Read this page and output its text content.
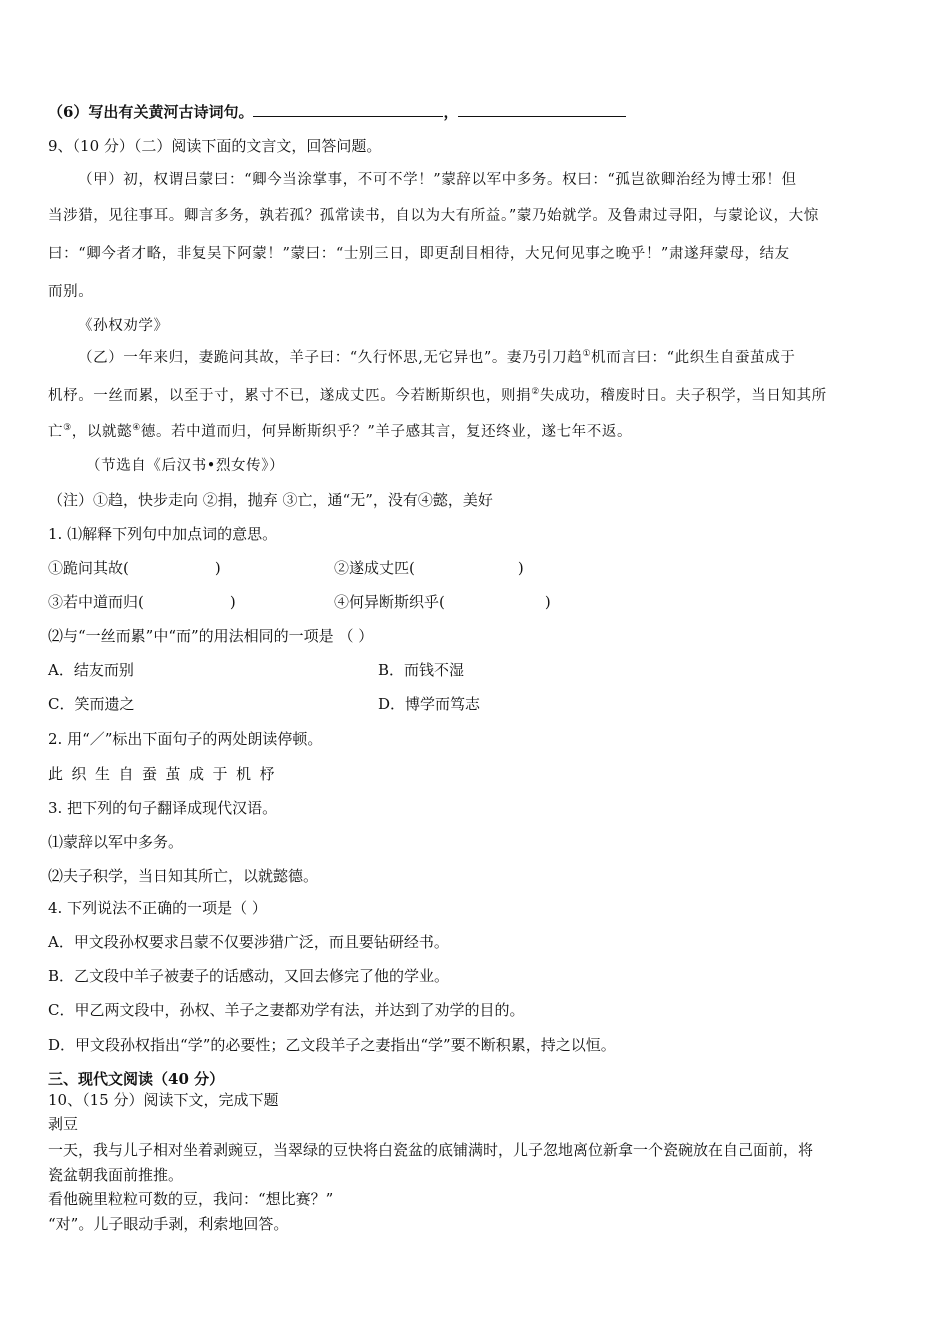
（6）写出有关黄河古诗词句。	，
9、（10 分）（二）阅读下面的文言文，回答问题。
（甲）初，权谓吕蒙曰：“卿今当涂掌事，不可不学！”蒙辞以军中多务。权曰：“孤岂欲卿治经为博士邪！但
当涉猎，见往事耳。卿言多务，孰若孤？孤常读书，自以为大有所益。”蒙乃始就学。及鲁肃过寻阳，与蒙论议，大惊
曰：“卿今者才略，非复吴下阿蒙！”蒙曰：“士别三日，即更刮目相待，大兄何见事之晚乎！”肃遂拜蒙母，结友
而别。
《孙权劝学》
（乙）一年来归，妻跪问其故，羊子曰：“久行怀思,无它异也”。妻乃引刀趋①机而言曰：“此织生自蚕茧成于
机杼。一丝而累，以至于寸，累寸不已，遂成丈匹。今若断斯织也，则捐②失成功，稽废时日。夫子积学，当日知其所
亡③，以就懿④德。若中道而归，何异断斯织乎？”羊子感其言，复还终业，遂七年不返。
（节选自《后汉书•烈女传》）
（注）①趋，快步走向 ②捐，抛弃 ③亡，通“无”，没有④懿，美好
1. ⑴解释下列句中加点词的意思。
①跪问其故(	)	②遂成丈匹(	)
③若中道而归(	)	④何异断斯织乎(	)
⑵与“一丝而累”中“而”的用法相同的一项是 （ ）
A．结友而别	B．而钱不湿
C．笑而遗之	D．博学而笃志
2. 用“／”标出下面句子的两处朗读停顿。
此织生自蚕茧成于机杼
3. 把下列的句子翻译成现代汉语。
⑴蒙辞以军中多务。
⑵夫子积学，当日知其所亡，以就懿德。
4. 下列说法不正确的一项是（ ）
A．甲文段孙权要求吕蒙不仅要涉猎广泛，而且要钻研经书。
B．乙文段中羊子被妻子的话感动，又回去修完了他的学业。
C．甲乙两文段中，孙权、羊子之妻都劝学有法，并达到了劝学的目的。
D．甲文段孙权指出“学”的必要性；乙文段羊子之妻指出“学”要不断积累，持之以恒。
三、现代文阅读（40 分）
10、（15 分）阅读下文，完成下题
剥豆
一天，我与儿子相对坐着剥豌豆，当翠绿的豆快将白瓷盆的底铺满时，儿子忽地离位新拿一个瓷碗放在自己面前，将
瓷盆朝我面前推推。
看他碗里粒粒可数的豆，我问：“想比赛？”
“对”。儿子眼动手剥，利索地回答。
